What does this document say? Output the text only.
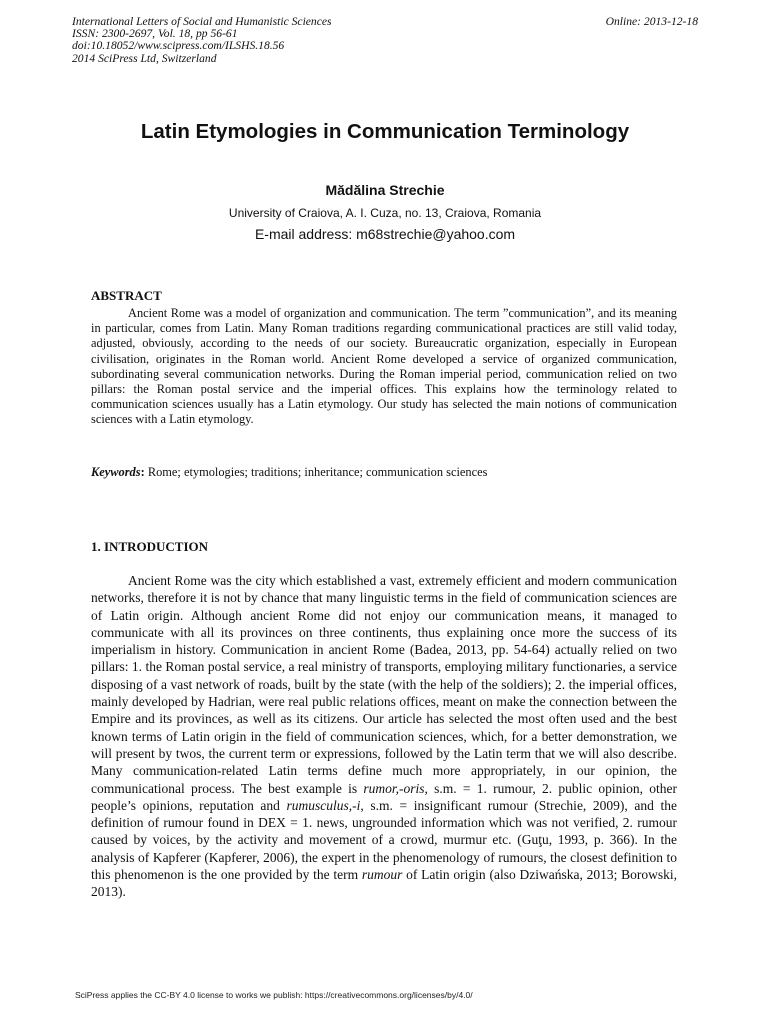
International Letters of Social and Humanistic Sciences
ISSN: 2300-2697, Vol. 18, pp 56-61
doi:10.18052/www.scipress.com/ILSHS.18.56
2014 SciPress Ltd, Switzerland
Online: 2013-12-18
Latin Etymologies in Communication Terminology
Mădălina Strechie
University of Craiova, A. I. Cuza, no. 13, Craiova, Romania
E-mail address: m68strechie@yahoo.com
ABSTRACT

Ancient Rome was a model of organization and communication. The term ”communication”, and its meaning in particular, comes from Latin. Many Roman traditions regarding communicational practices are still valid today, adjusted, obviously, according to the needs of our society. Bureaucratic organization, especially in European civilisation, originates in the Roman world. Ancient Rome developed a service of organized communication, subordinating several communication networks. During the Roman imperial period, communication relied on two pillars: the Roman postal service and the imperial offices. This explains how the terminology related to communication sciences usually has a Latin etymology. Our study has selected the main notions of communication sciences with a Latin etymology.

Keywords: Rome; etymologies; traditions; inheritance; communication sciences
1. INTRODUCTION

Ancient Rome was the city which established a vast, extremely efficient and modern communication networks, therefore it is not by chance that many linguistic terms in the field of communication sciences are of Latin origin. Although ancient Rome did not enjoy our communication means, it managed to communicate with all its provinces on three continents, thus explaining once more the success of its imperialism in history. Communication in ancient Rome (Badea, 2013, pp. 54-64) actually relied on two pillars: 1. the Roman postal service, a real ministry of transports, employing military functionaries, a service disposing of a vast network of roads, built by the state (with the help of the soldiers); 2. the imperial offices, mainly developed by Hadrian, were real public relations offices, meant on make the connection between the Empire and its provinces, as well as its citizens. Our article has selected the most often used and the best known terms of Latin origin in the field of communication sciences, which, for a better demonstration, we will present by twos, the current term or expressions, followed by the Latin term that we will also describe. Many communication-related Latin terms define much more appropriately, in our opinion, the communicational process. The best example is rumor,-oris, s.m. = 1. rumour, 2. public opinion, other people’s opinions, reputation and rumusculus,-i, s.m. = insignificant rumour (Strechie, 2009), and the definition of rumour found in DEX = 1. news, ungrounded information which was not verified, 2. rumour caused by voices, by the activity and movement of a crowd, murmur etc. (Guţu, 1993, p. 366). In the analysis of Kapferer (Kapferer, 2006), the expert in the phenomenology of rumours, the closest definition to this phenomenon is the one provided by the term rumour of Latin origin (also Dziwańska, 2013; Borowski, 2013).

SciPress applies the CC-BY 4.0 license to works we publish: https://creativecommons.org/licenses/by/4.0/
